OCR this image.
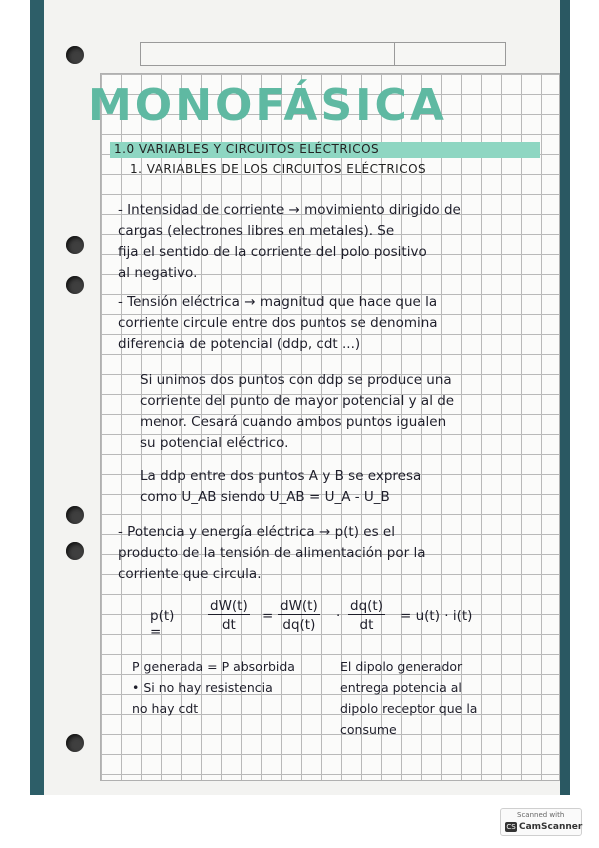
MONOFÁSICA
1.0 VARIABLES Y CIRCUITOS ELÉCTRICOS
1. VARIABLES DE LOS CIRCUITOS ELÉCTRICOS
- Intensidad de corriente → movimiento dirigido de
cargas (electrones libres en metales). Se
fija el sentido de la corriente del polo positivo
al negativo.
- Tensión eléctrica → magnitud que hace que la
corriente circule entre dos puntos se denomina
diferencia de potencial (ddp, cdt ...)
Si unimos dos puntos con ddp se produce una
corriente del punto de mayor potencial y al de
menor. Cesará cuando ambos puntos igualen
su potencial eléctrico.
La ddp entre dos puntos A y B se expresa
como U_AB siendo U_AB = U_A - U_B
- Potencia y energía eléctrica → p(t) es el
producto de la tensión de alimentación por la
corriente que circula.
p(t) =	$\frac{dW(t)}{dt} = \frac{dW(t)}{dq(t)} \cdot \frac{dq(t)}{dt} = u(t) \cdot i(t)$
P generada = P absorbida
• Si no hay resistencia
no hay cdt
El dipolo generador
entrega potencia al
dipolo receptor que la
consume
Scanned with
CS CamScanner
